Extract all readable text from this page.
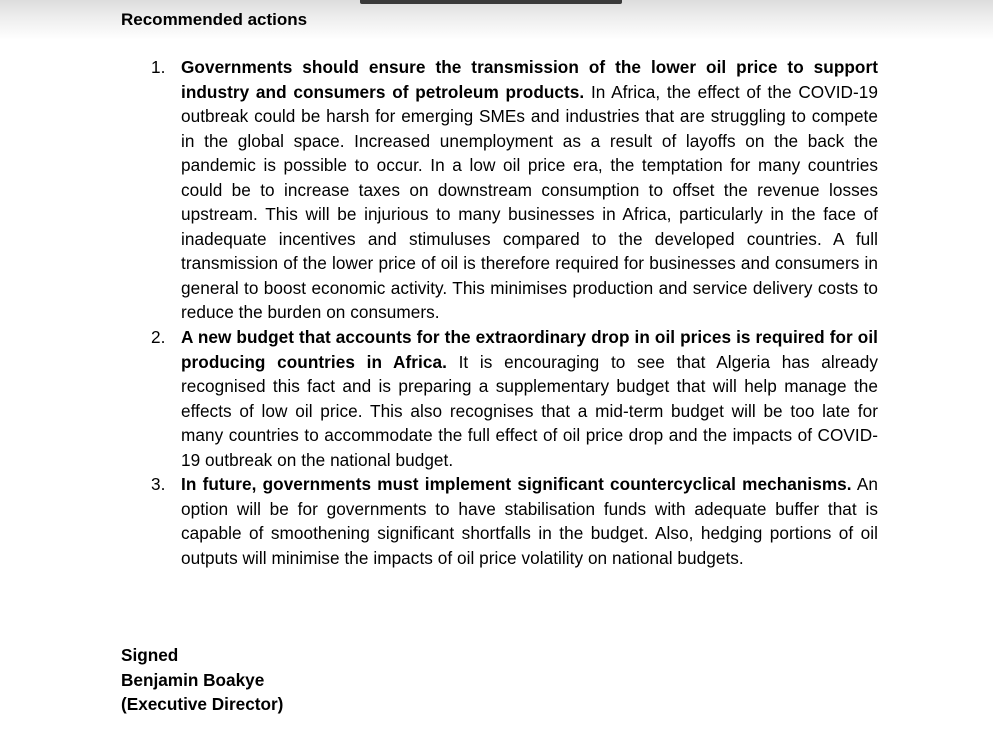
Recommended actions
1. Governments should ensure the transmission of the lower oil price to support industry and consumers of petroleum products. In Africa, the effect of the COVID-19 outbreak could be harsh for emerging SMEs and industries that are struggling to compete in the global space. Increased unemployment as a result of layoffs on the back the pandemic is possible to occur. In a low oil price era, the temptation for many countries could be to increase taxes on downstream consumption to offset the revenue losses upstream. This will be injurious to many businesses in Africa, particularly in the face of inadequate incentives and stimuluses compared to the developed countries. A full transmission of the lower price of oil is therefore required for businesses and consumers in general to boost economic activity. This minimises production and service delivery costs to reduce the burden on consumers.
2. A new budget that accounts for the extraordinary drop in oil prices is required for oil producing countries in Africa. It is encouraging to see that Algeria has already recognised this fact and is preparing a supplementary budget that will help manage the effects of low oil price. This also recognises that a mid-term budget will be too late for many countries to accommodate the full effect of oil price drop and the impacts of COVID-19 outbreak on the national budget.
3. In future, governments must implement significant countercyclical mechanisms. An option will be for governments to have stabilisation funds with adequate buffer that is capable of smoothening significant shortfalls in the budget. Also, hedging portions of oil outputs will minimise the impacts of oil price volatility on national budgets.
Signed
Benjamin Boakye
(Executive Director)
